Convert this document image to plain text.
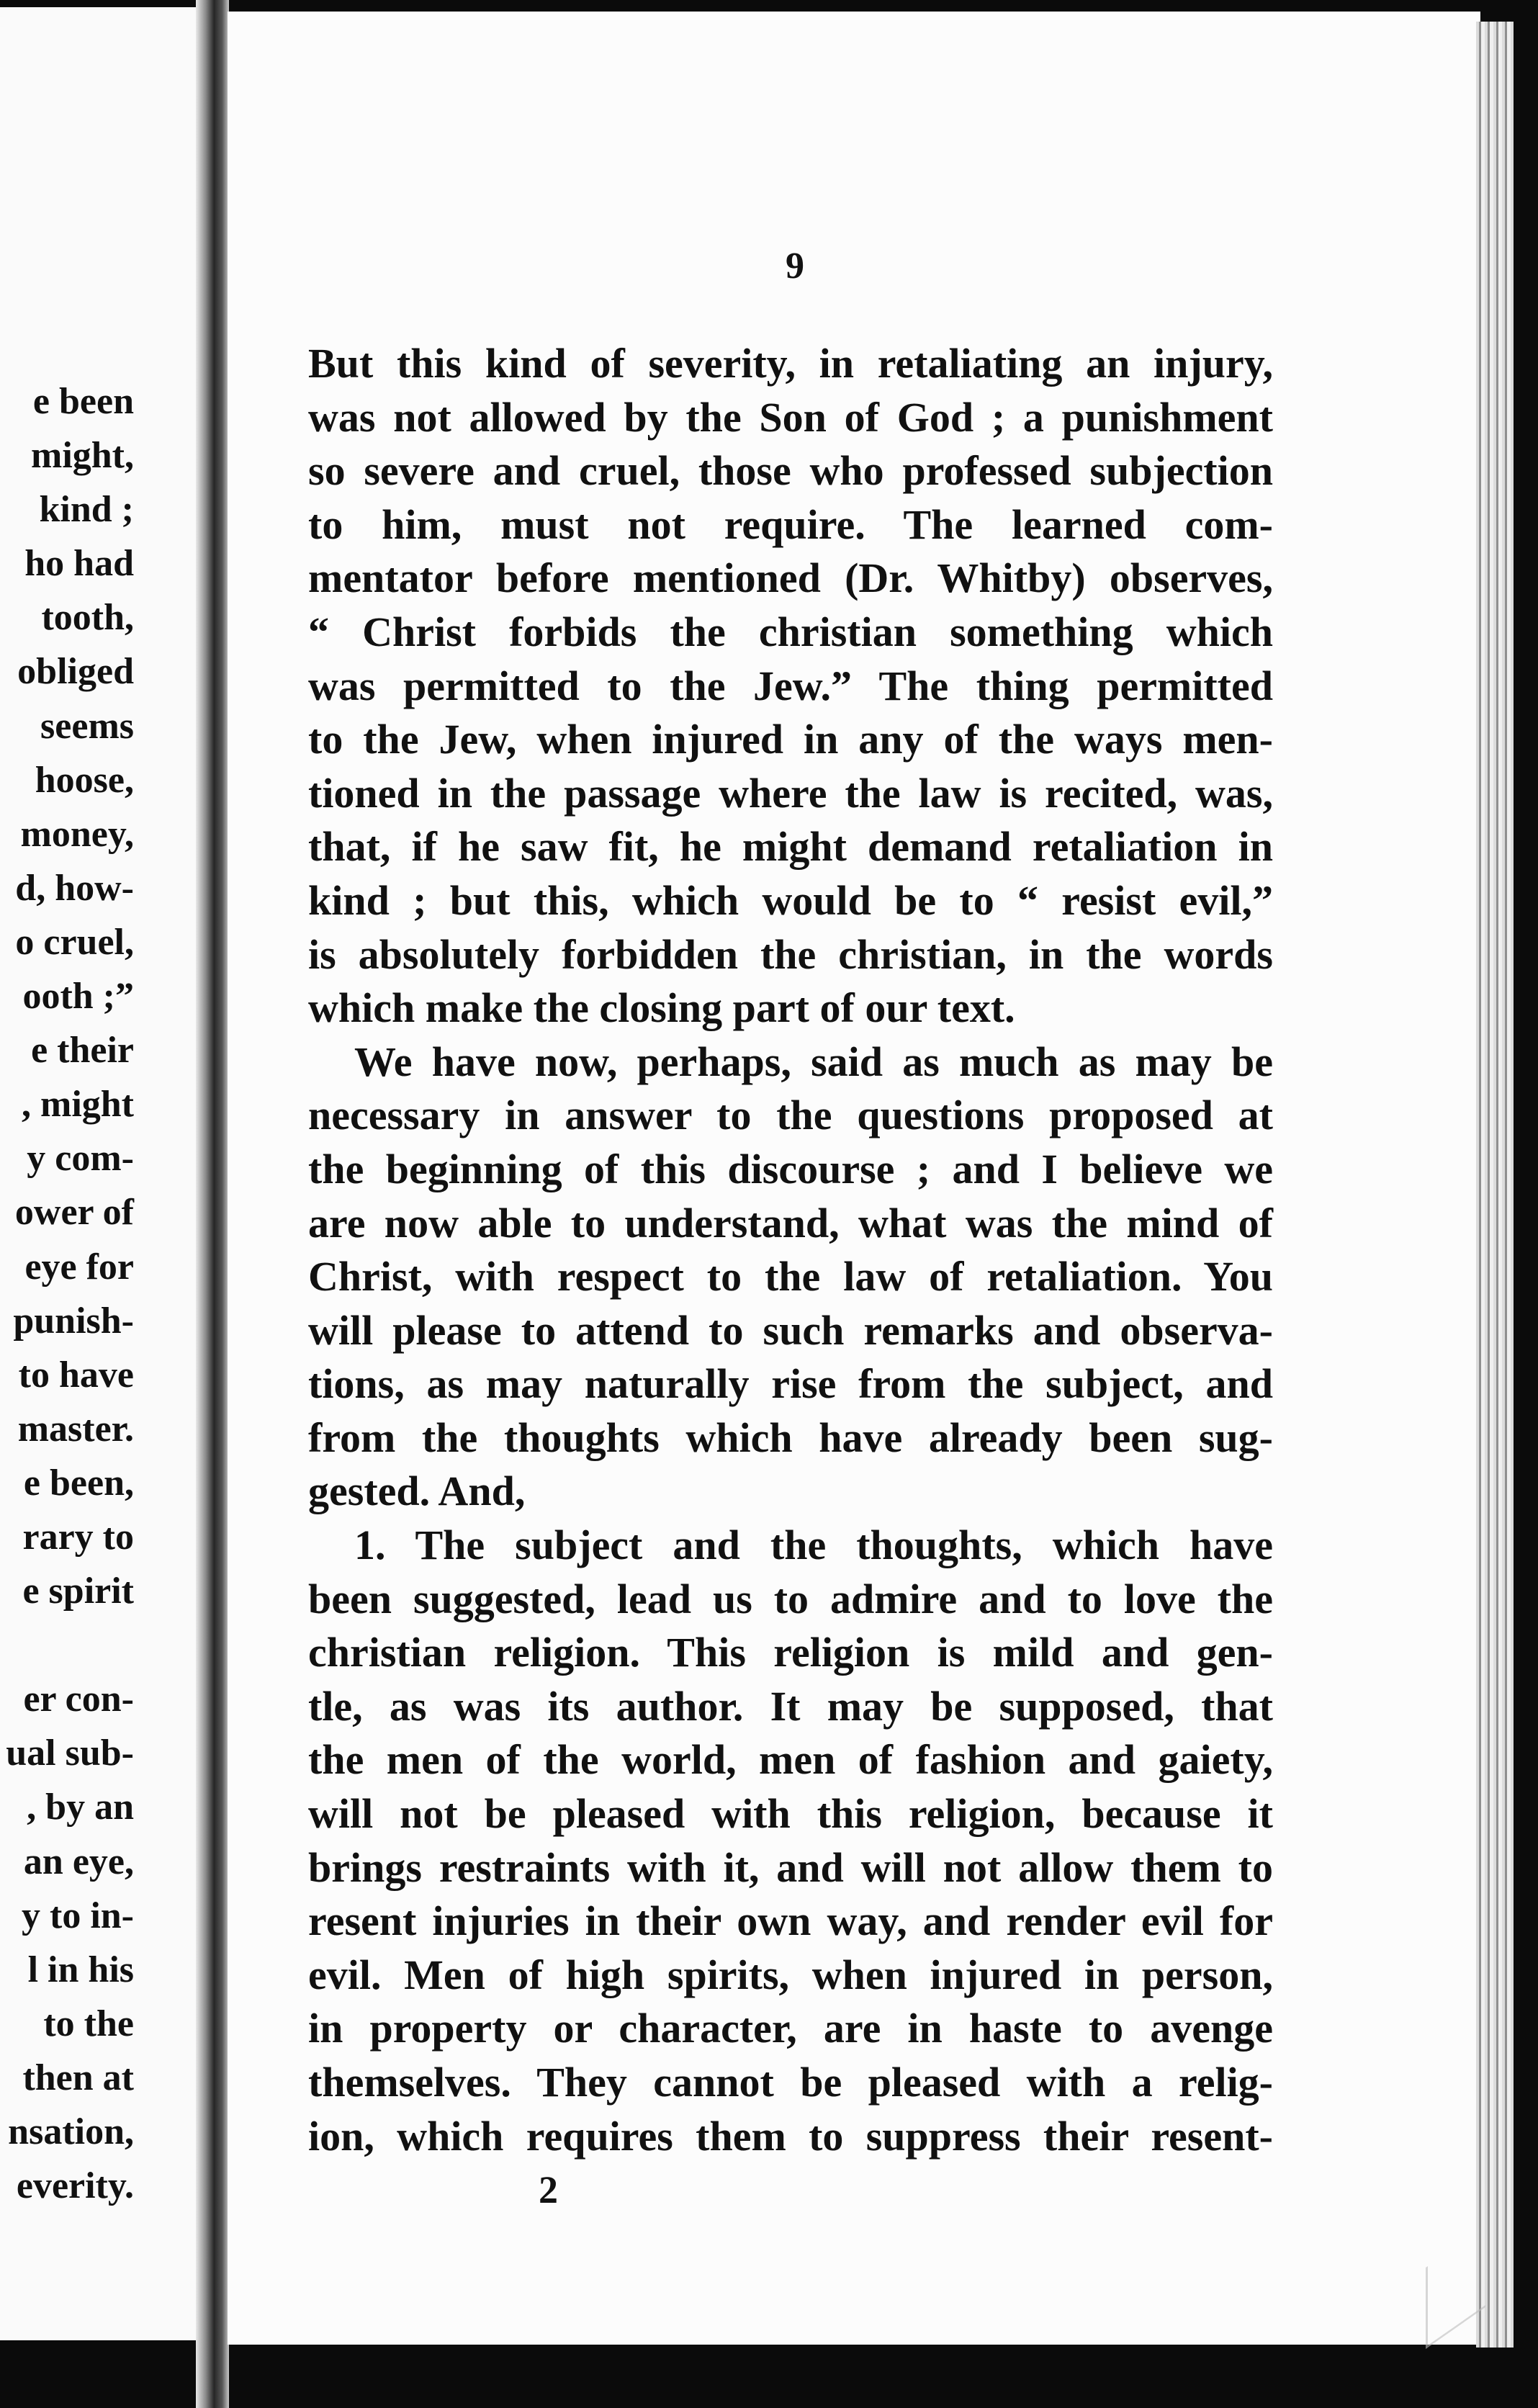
e been
might,
kind ;
ho had
tooth,
obliged
seems
hoose,
money,
d, how-
o cruel,
ooth ;”
e their
, might
y com-
ower of
eye for
punish-
to have
master.
e been,
rary to
e spirit
er con-
ual sub-
, by an
an eye,
y to in-
l in his
to the
then at
nsation,
everity.
9
But this kind of severity, in retaliating an injury,
was not allowed by the Son of God ; a punishment
so severe and cruel, those who professed subjection
to him, must not require. The learned com-
mentator before mentioned (Dr. Whitby) observes,
“ Christ forbids the christian something which
was permitted to the Jew.” The thing permitted
to the Jew, when injured in any of the ways men-
tioned in the passage where the law is recited, was,
that, if he saw fit, he might demand retaliation in
kind ; but this, which would be to “ resist evil,”
is absolutely forbidden the christian, in the words
which make the closing part of our text.
We have now, perhaps, said as much as may be
necessary in answer to the questions proposed at
the beginning of this discourse ; and I believe we
are now able to understand, what was the mind of
Christ, with respect to the law of retaliation. You
will please to attend to such remarks and observa-
tions, as may naturally rise from the subject, and
from the thoughts which have already been sug-
gested. And,
1. The subject and the thoughts, which have
been suggested, lead us to admire and to love the
christian religion. This religion is mild and gen-
tle, as was its author. It may be supposed, that
the men of the world, men of fashion and gaiety,
will not be pleased with this religion, because it
brings restraints with it, and will not allow them to
resent injuries in their own way, and render evil for
evil. Men of high spirits, when injured in person,
in property or character, are in haste to avenge
themselves. They cannot be pleased with a relig-
ion, which requires them to suppress their resent-
2
